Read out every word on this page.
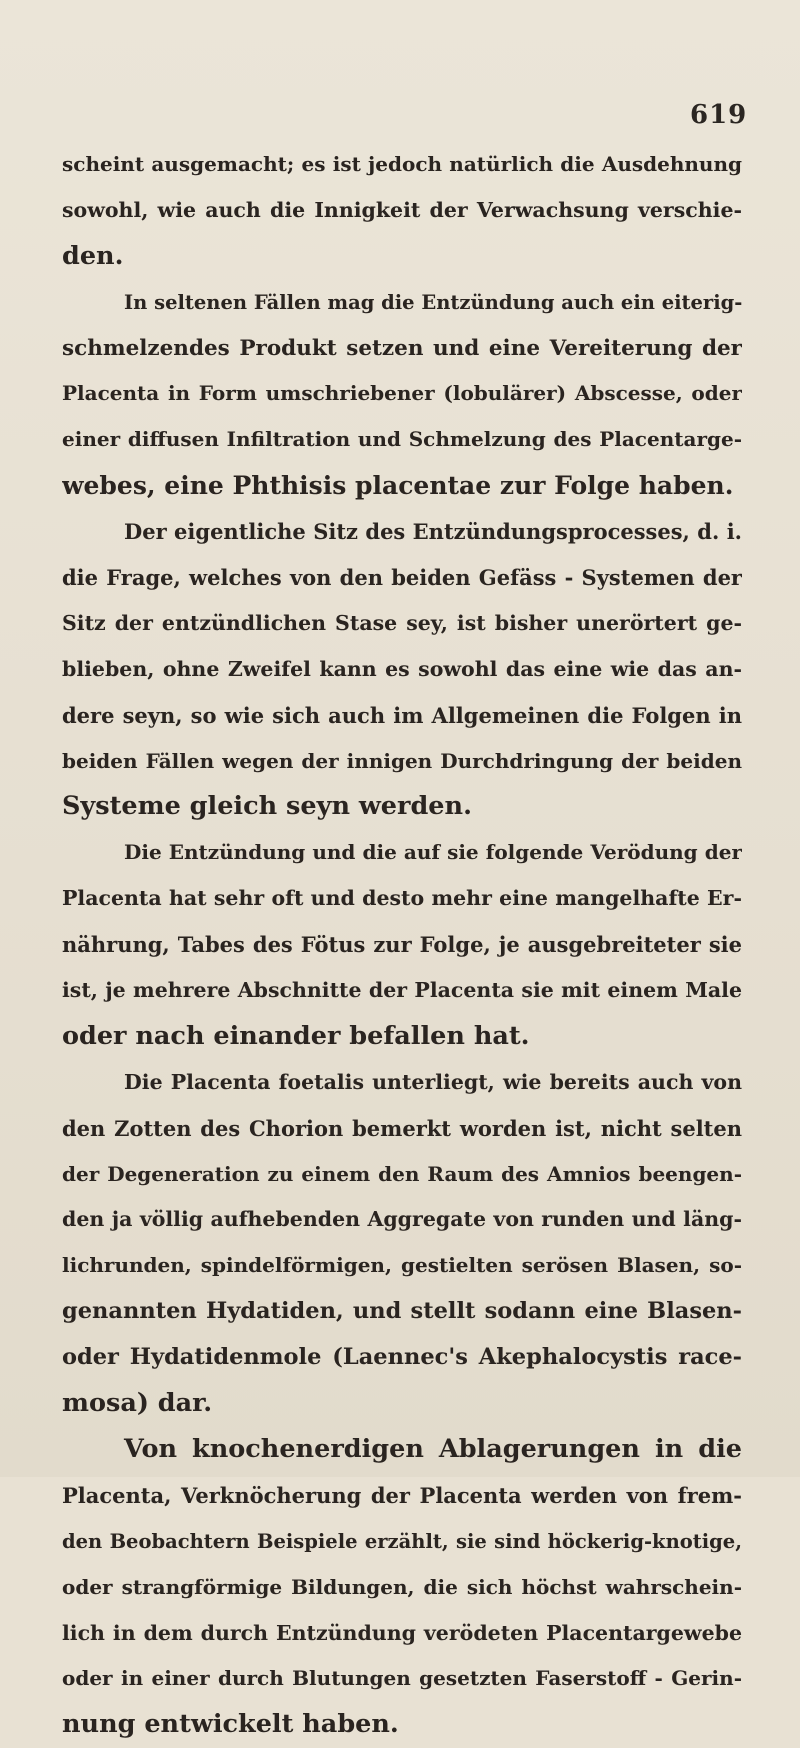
619
scheint ausgemacht; es ist jedoch natürlich die Ausdehnung
sowohl, wie auch die Innigkeit der Verwachsung verschie-
den.
In seltenen Fällen mag die Entzündung auch ein eiterig-
schmelzendes Produkt setzen und eine Vereiterung der
Placenta in Form umschriebener (lobulärer) Abscesse, oder
einer diffusen Infiltration und Schmelzung des Placentarge-
webes, eine Phthisis placentae zur Folge haben.
Der eigentliche Sitz des Entzündungsprocesses, d. i.
die Frage, welches von den beiden Gefäss - Systemen der
Sitz der entzündlichen Stase sey, ist bisher unerörtert ge-
blieben, ohne Zweifel kann es sowohl das eine wie das an-
dere seyn, so wie sich auch im Allgemeinen die Folgen in
beiden Fällen wegen der innigen Durchdringung der beiden
Systeme gleich seyn werden.
Die Entzündung und die auf sie folgende Verödung der
Placenta hat sehr oft und desto mehr eine mangelhafte Er-
nährung, Tabes des Fötus zur Folge, je ausgebreiteter sie
ist, je mehrere Abschnitte der Placenta sie mit einem Male
oder nach einander befallen hat.
Die Placenta foetalis unterliegt, wie bereits auch von
den Zotten des Chorion bemerkt worden ist, nicht selten
der Degeneration zu einem den Raum des Amnios beengen-
den ja völlig aufhebenden Aggregate von runden und läng-
lichrunden, spindelförmigen, gestielten serösen Blasen, so-
genannten Hydatiden, und stellt sodann eine Blasen-
oder Hydatidenmole (Laennec's Akephalocystis race-
mosa) dar.
Von knochenerdigen Ablagerungen in die
Placenta, Verknöcherung der Placenta werden von frem-
den Beobachtern Beispiele erzählt, sie sind höckerig-knotige,
oder strangförmige Bildungen, die sich höchst wahrschein-
lich in dem durch Entzündung verödeten Placentargewebe
oder in einer durch Blutungen gesetzten Faserstoff - Gerin-
nung entwickelt haben.
